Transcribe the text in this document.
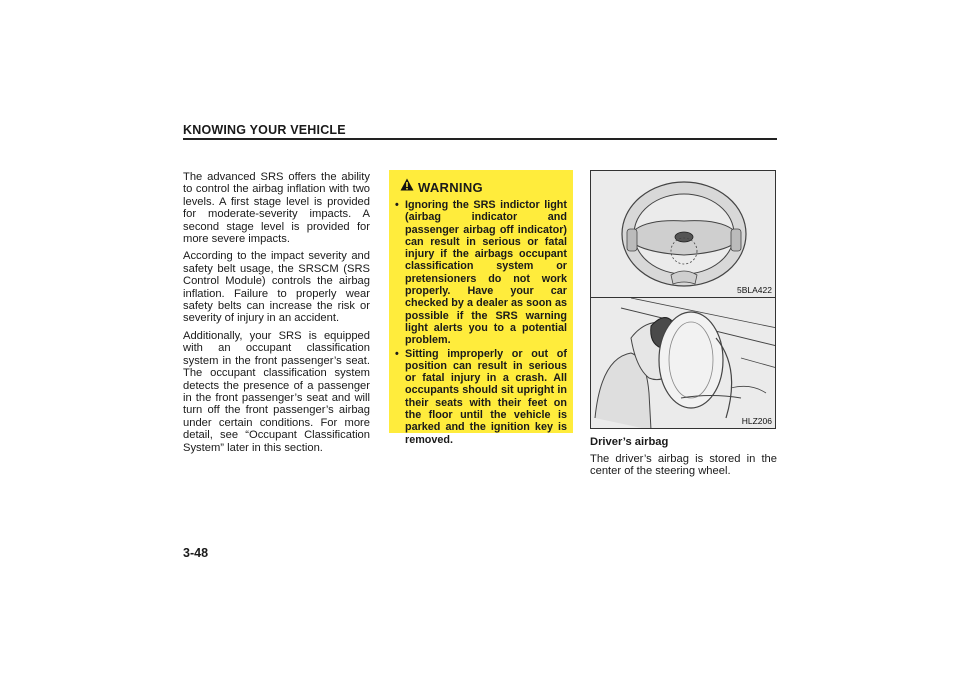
KNOWING YOUR VEHICLE

The advanced SRS offers the ability to control the airbag inflation with two levels. A first stage level is provided for moderate-severity impacts. A second stage level is provided for more severe impacts.

According to the impact severity and safety belt usage, the SRSCM (SRS Control Module) controls the airbag inflation. Failure to properly wear safety belts can increase the risk or severity of injury in an accident.

Additionally, your SRS is equipped with an occupant classification system in the front passenger’s seat. The occupant classification system detects the presence of a passenger in the front passenger’s seat and will turn off the front passenger’s airbag under certain conditions. For more detail, see “Occupant Classification System” later in this section.

WARNING
• Ignoring the SRS indictor light (airbag indicator and passenger airbag off indicator) can result in serious or fatal injury if the airbags occupant classification system or pretensioners do not work properly. Have your car checked by a dealer as soon as possible if the SRS warning light alerts you to a potential problem.
• Sitting improperly or out of position can result in serious or fatal injury in a crash. All occupants should sit upright in their seats with their feet on the floor until the vehicle is parked and the ignition key is removed.
5BLA422
HLZ206
Driver’s airbag
The driver’s airbag is stored in the center of the steering wheel.
3-48
